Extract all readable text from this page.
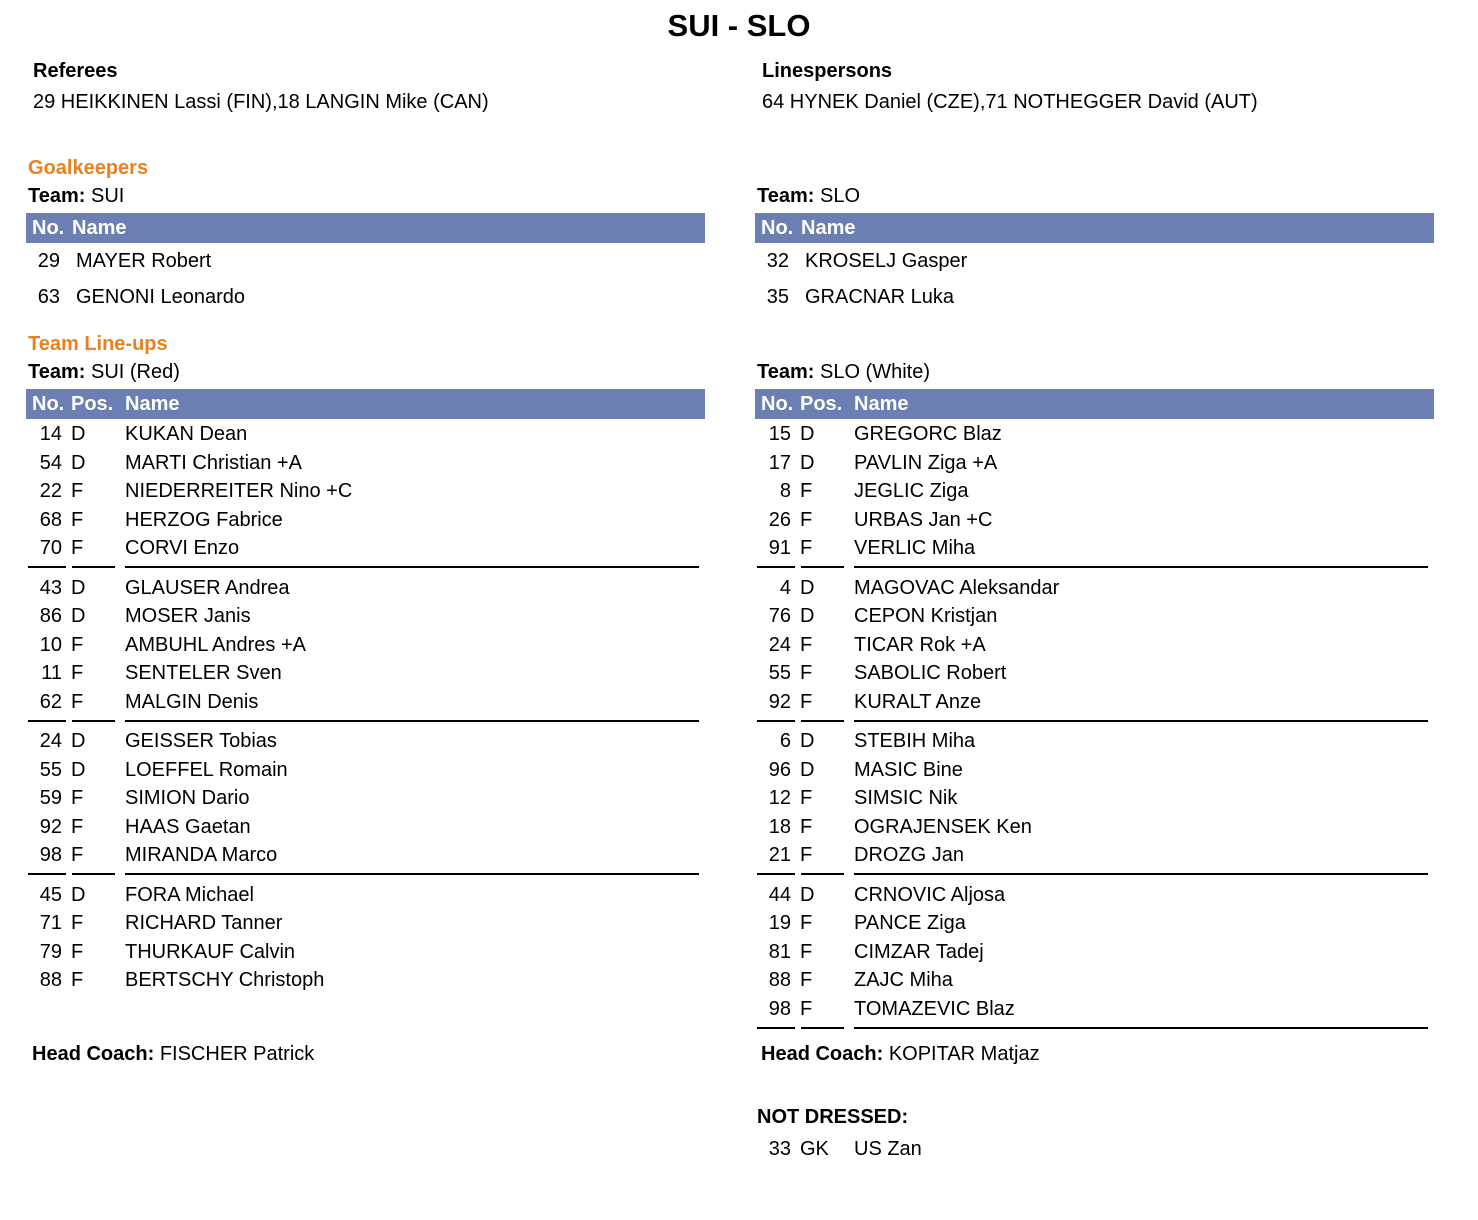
SUI - SLO
Referees
29 HEIKKINEN Lassi (FIN),18 LANGIN Mike (CAN)
Linespersons
64 HYNEK Daniel (CZE),71 NOTHEGGER David (AUT)
Goalkeepers
Team: SUI	Team: SLO
No. Name	No. Name
29 MAYER Robert
63 GENONI Leonardo
32 KROSELJ Gasper
35 GRACNAR Luka
Team Line-ups
Team: SUI (Red)	Team: SLO (White)
No. Pos. Name	No. Pos. Name
14 D KUKAN Dean
54 D MARTI Christian +A
22 F NIEDERREITER Nino +C
68 F HERZOG Fabrice
70 F CORVI Enzo
43 D GLAUSER Andrea
86 D MOSER Janis
10 F AMBUHL Andres +A
11 F SENTELER Sven
62 F MALGIN Denis
24 D GEISSER Tobias
55 D LOEFFEL Romain
59 F SIMION Dario
92 F HAAS Gaetan
98 F MIRANDA Marco
45 D FORA Michael
71 F RICHARD Tanner
79 F THURKAUF Calvin
88 F BERTSCHY Christoph
15 D GREGORC Blaz
17 D PAVLIN Ziga +A
8 F JEGLIC Ziga
26 F URBAS Jan +C
91 F VERLIC Miha
4 D MAGOVAC Aleksandar
76 D CEPON Kristjan
24 F TICAR Rok +A
55 F SABOLIC Robert
92 F KURALT Anze
6 D STEBIH Miha
96 D MASIC Bine
12 F SIMSIC Nik
18 F OGRAJENSEK Ken
21 F DROZG Jan
44 D CRNOVIC Aljosa
19 F PANCE Ziga
81 F CIMZAR Tadej
88 F ZAJC Miha
98 F TOMAZEVIC Blaz
Head Coach: FISCHER Patrick	Head Coach: KOPITAR Matjaz
NOT DRESSED:
33 GK US Zan
